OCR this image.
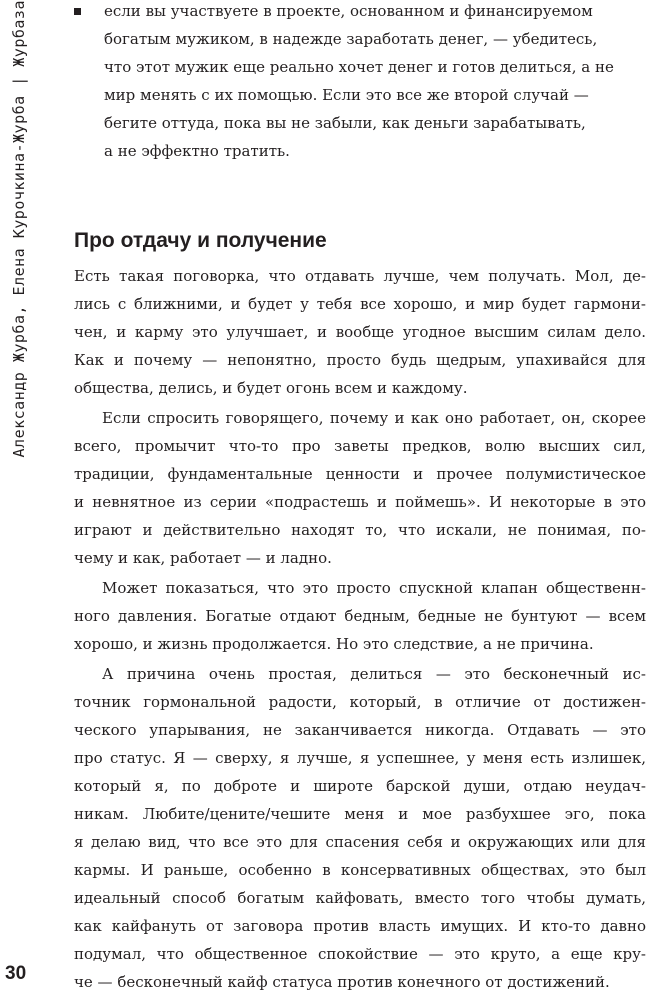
Александр Журба, Елена Курочкина-Журба | Журбаза
30
если вы участвуете в проекте, основанном и финансируемом
богатым мужиком, в надежде заработать денег, — убедитесь,
что этот мужик еще реально хочет денег и готов делиться, а не
мир менять с их помощью. Если это все же второй случай —
бегите оттуда, пока вы не забыли, как деньги зарабатывать,
а не эффектно тратить.
Про отдачу и получение
Есть такая поговорка, что отдавать лучше, чем получать. Мол, де-
лись с ближними, и будет у тебя все хорошо, и мир будет гармони-
чен, и карму это улучшает, и вообще угодное высшим силам дело.
Как и почему — непонятно, просто будь щедрым, упахивайся для
общества, делись, и будет огонь всем и каждому.
Если спросить говорящего, почему и как оно работает, он, скорее
всего, промычит что-то про заветы предков, волю высших сил,
традиции, фундаментальные ценности и прочее полумистическое
и невнятное из серии «подрастешь и поймешь». И некоторые в это
играют и действительно находят то, что искали, не понимая, по-
чему и как, работает — и ладно.
Может показаться, что это просто спускной клапан общественн-
ного давления. Богатые отдают бедным, бедные не бунтуют — всем
хорошо, и жизнь продолжается. Но это следствие, а не причина.
А причина очень простая, делиться — это бесконечный ис-
точник гормональной радости, который, в отличие от достижен-
ческого упарывания, не заканчивается никогда. Отдавать — это
про статус. Я — сверху, я лучше, я успешнее, у меня есть излишек,
который я, по доброте и широте барской души, отдаю неудач-
никам. Любите/цените/чешите меня и мое разбухшее эго, пока
я делаю вид, что все это для спасения себя и окружающих или для
кармы. И раньше, особенно в консервативных обществах, это был
идеальный способ богатым кайфовать, вместо того чтобы думать,
как кайфануть от заговора против власть имущих. И кто-то давно
подумал, что общественное спокойствие — это круто, а еще кру-
че — бесконечный кайф статуса против конечного от достижений.
